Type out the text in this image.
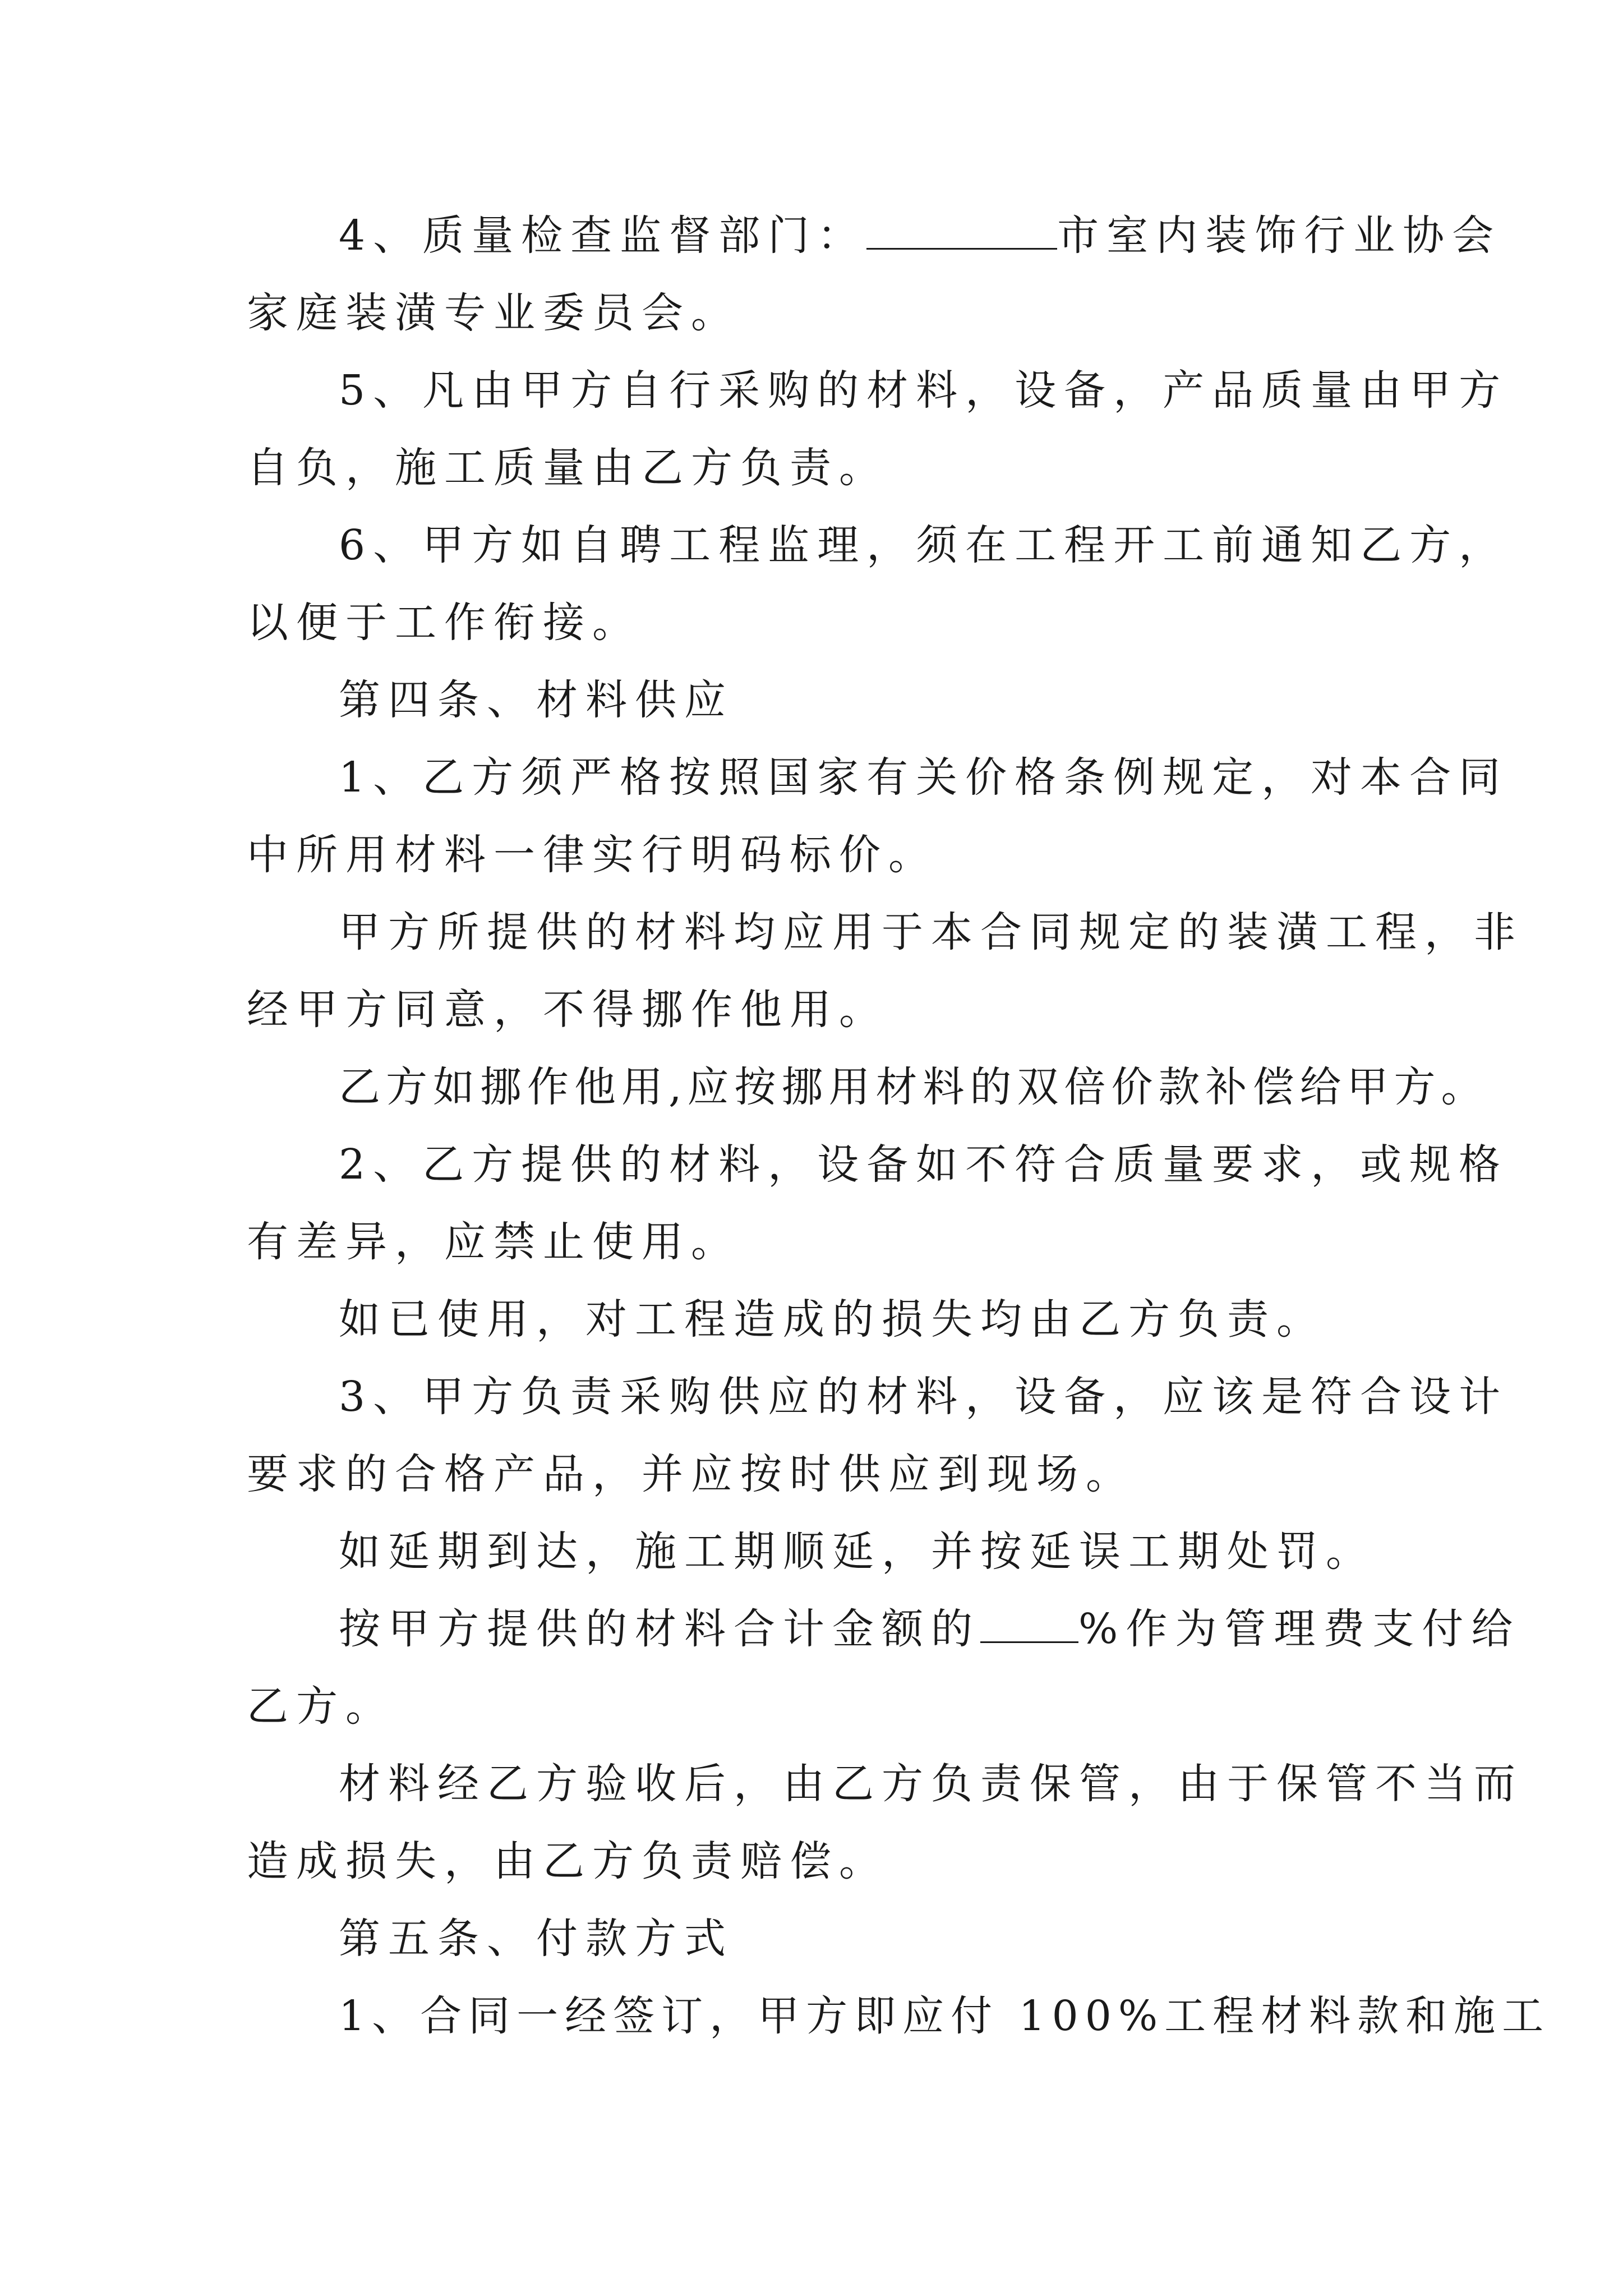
4、质量检查监督部门：	市室内装饰行业协会
家庭装潢专业委员会。
5、凡由甲方自行采购的材料，设备，产品质量由甲方
自负，施工质量由乙方负责。
6、甲方如自聘工程监理，须在工程开工前通知乙方，
以便于工作衔接。
第四条、材料供应
1、乙方须严格按照国家有关价格条例规定，对本合同
中所用材料一律实行明码标价。
甲方所提供的材料均应用于本合同规定的装潢工程，非
经甲方同意，不得挪作他用。
乙方如挪作他用,应按挪用材料的双倍价款补偿给甲方。
2、乙方提供的材料，设备如不符合质量要求，或规格
有差异，应禁止使用。
如已使用，对工程造成的损失均由乙方负责。
3、甲方负责采购供应的材料，设备，应该是符合设计
要求的合格产品，并应按时供应到现场。
如延期到达，施工期顺延，并按延误工期处罚。
按甲方提供的材料合计金额的 %作为管理费支付给
乙方。
材料经乙方验收后，由乙方负责保管，由于保管不当而
造成损失，由乙方负责赔偿。
第五条、付款方式
1、合同一经签订，甲方即应付 100%工程材料款和施工
